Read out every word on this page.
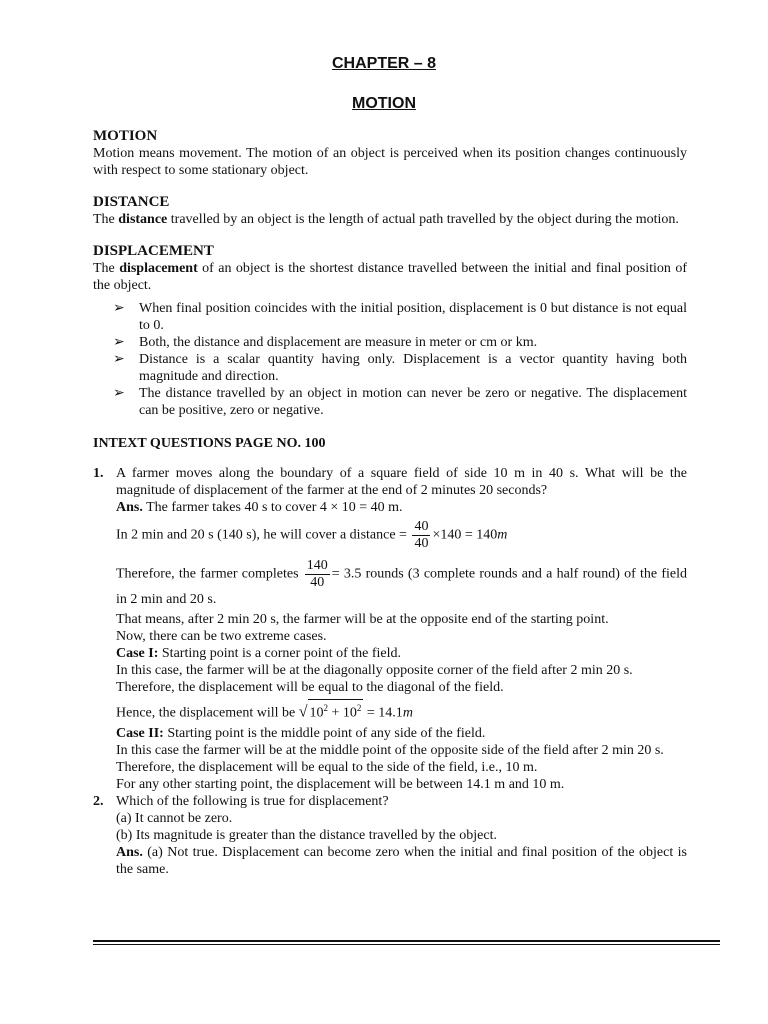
CHAPTER – 8
MOTION
MOTION
Motion means movement. The motion of an object is perceived when its position changes continuously with respect to some stationary object.
DISTANCE
The distance travelled by an object is the length of actual path travelled by the object during the motion.
DISPLACEMENT
The displacement of an object is the shortest distance travelled between the initial and final position of the object.
➢ When final position coincides with the initial position, displacement is 0 but distance is not equal to 0.
➢ Both, the distance and displacement are measure in meter or cm or km.
➢ Distance is a scalar quantity having only. Displacement is a vector quantity having both magnitude and direction.
➢ The distance travelled by an object in motion can never be zero or negative. The displacement can be positive, zero or negative.
INTEXT QUESTIONS PAGE NO. 100
1. A farmer moves along the boundary of a square field of side 10 m in 40 s. What will be the magnitude of displacement of the farmer at the end of 2 minutes 20 seconds?
Ans. The farmer takes 40 s to cover 4 × 10 = 40 m.
In 2 min and 20 s (140 s), he will cover a distance = $\frac{40}{40} \times 140 = 140m$
Therefore, the farmer completes $\frac{140}{40} = 3.5$ rounds (3 complete rounds and a half round) of the field in 2 min and 20 s.
That means, after 2 min 20 s, the farmer will be at the opposite end of the starting point.
Now, there can be two extreme cases.
Case I: Starting point is a corner point of the field.
In this case, the farmer will be at the diagonally opposite corner of the field after 2 min 20 s.
Therefore, the displacement will be equal to the diagonal of the field.
Hence, the displacement will be √ $10^2 + 10^2 = 14.1m$
Case II: Starting point is the middle point of any side of the field.
In this case the farmer will be at the middle point of the opposite side of the field after 2 min 20 s.
Therefore, the displacement will be equal to the side of the field, i.e., 10 m.
For any other starting point, the displacement will be between 14.1 m and 10 m.
2. Which of the following is true for displacement?
(a) It cannot be zero.
(b) Its magnitude is greater than the distance travelled by the object.
Ans. (a) Not true. Displacement can become zero when the initial and final position of the object is the same.
